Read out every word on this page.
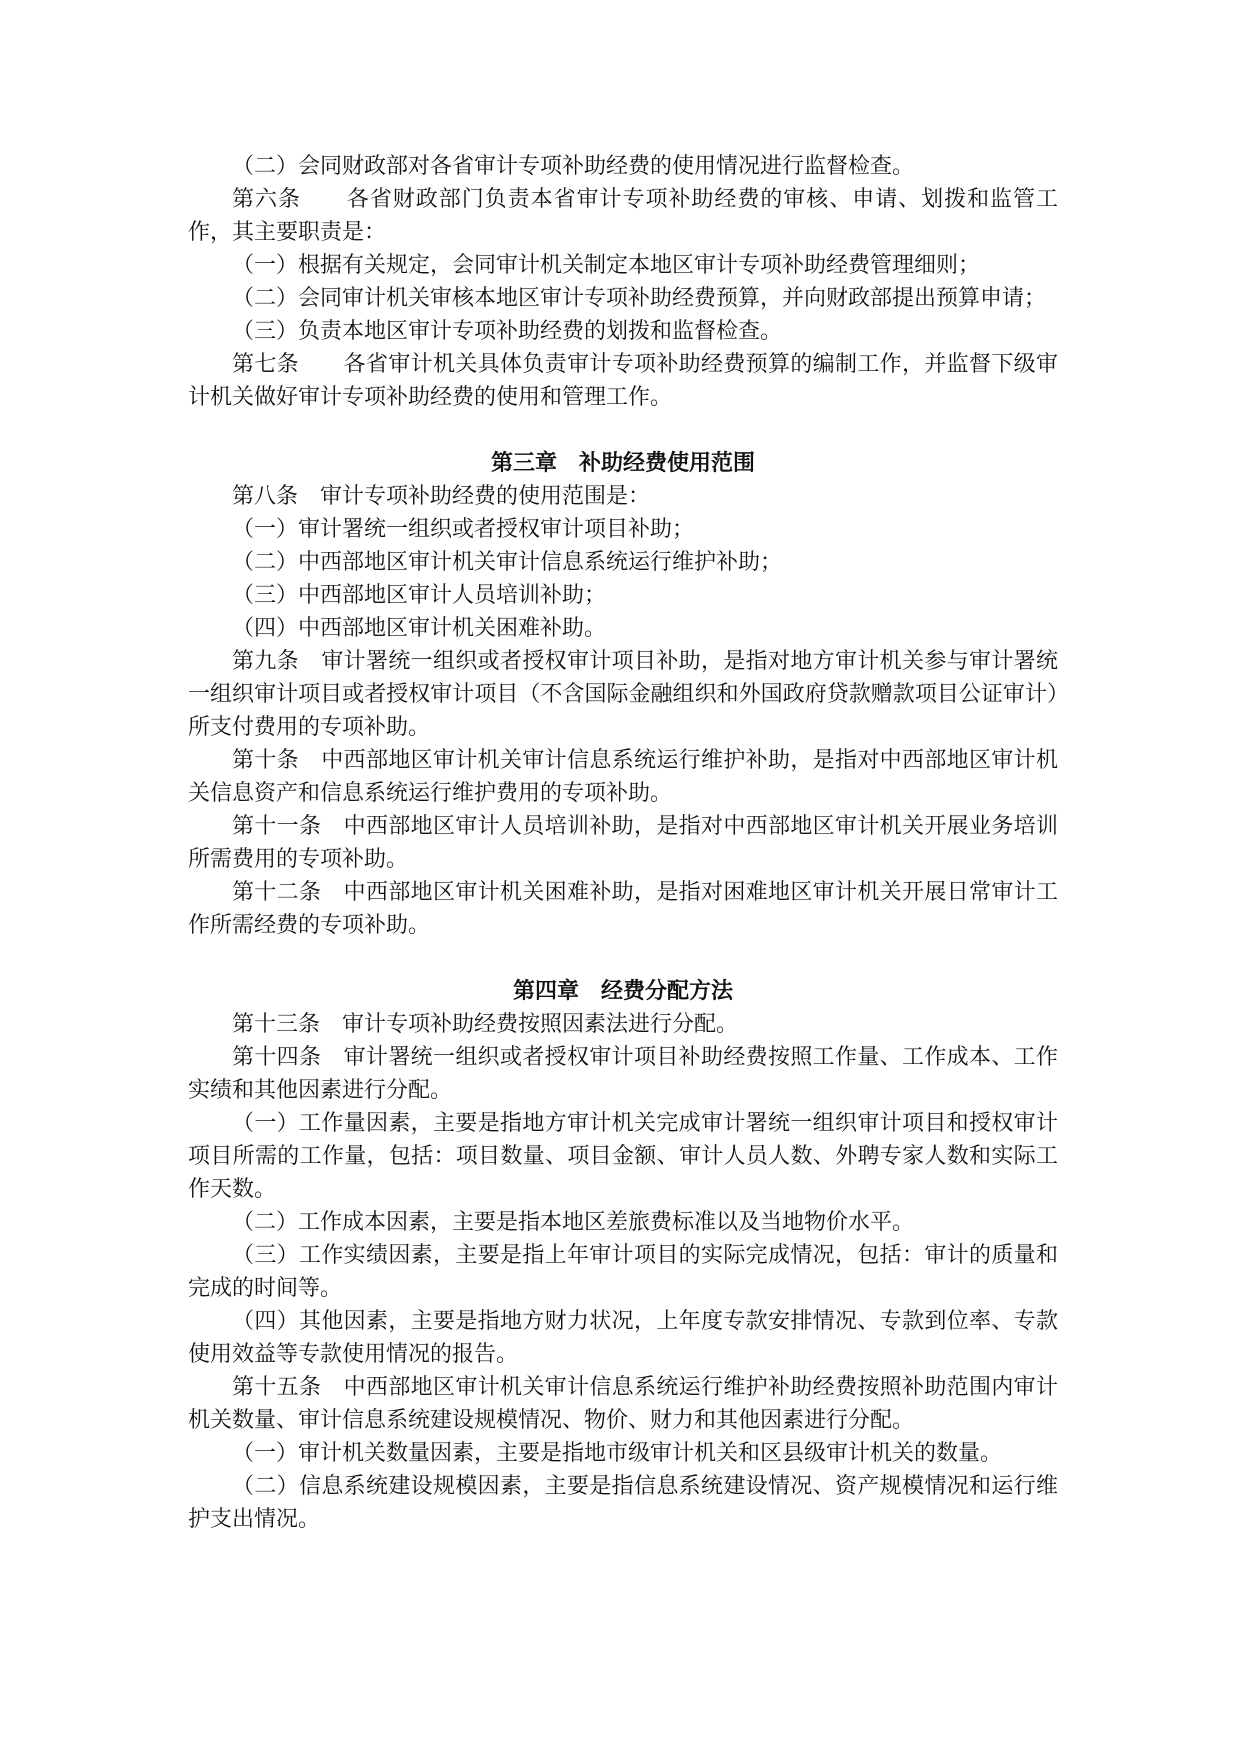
（二）会同财政部对各省审计专项补助经费的使用情况进行监督检查。

第六条　　各省财政部门负责本省审计专项补助经费的审核、申请、划拨和监管工作，其主要职责是：

（一）根据有关规定，会同审计机关制定本地区审计专项补助经费管理细则；

（二）会同审计机关审核本地区审计专项补助经费预算，并向财政部提出预算申请；

（三）负责本地区审计专项补助经费的划拨和监督检查。

第七条　　各省审计机关具体负责审计专项补助经费预算的编制工作，并监督下级审计机关做好审计专项补助经费的使用和管理工作。

第三章　补助经费使用范围

第八条　审计专项补助经费的使用范围是：

（一）审计署统一组织或者授权审计项目补助；

（二）中西部地区审计机关审计信息系统运行维护补助；

（三）中西部地区审计人员培训补助；

（四）中西部地区审计机关困难补助。

第九条　审计署统一组织或者授权审计项目补助，是指对地方审计机关参与审计署统一组织审计项目或者授权审计项目（不含国际金融组织和外国政府贷款赠款项目公证审计）所支付费用的专项补助。

第十条　中西部地区审计机关审计信息系统运行维护补助，是指对中西部地区审计机关信息资产和信息系统运行维护费用的专项补助。

第十一条　中西部地区审计人员培训补助，是指对中西部地区审计机关开展业务培训所需费用的专项补助。

第十二条　中西部地区审计机关困难补助，是指对困难地区审计机关开展日常审计工作所需经费的专项补助。

第四章　经费分配方法

第十三条　审计专项补助经费按照因素法进行分配。

第十四条　审计署统一组织或者授权审计项目补助经费按照工作量、工作成本、工作实绩和其他因素进行分配。

（一）工作量因素，主要是指地方审计机关完成审计署统一组织审计项目和授权审计项目所需的工作量，包括：项目数量、项目金额、审计人员人数、外聘专家人数和实际工作天数。

（二）工作成本因素，主要是指本地区差旅费标准以及当地物价水平。

（三）工作实绩因素，主要是指上年审计项目的实际完成情况，包括：审计的质量和完成的时间等。

（四）其他因素，主要是指地方财力状况，上年度专款安排情况、专款到位率、专款使用效益等专款使用情况的报告。

第十五条　中西部地区审计机关审计信息系统运行维护补助经费按照补助范围内审计机关数量、审计信息系统建设规模情况、物价、财力和其他因素进行分配。

（一）审计机关数量因素，主要是指地市级审计机关和区县级审计机关的数量。

（二）信息系统建设规模因素，主要是指信息系统建设情况、资产规模情况和运行维护支出情况。
